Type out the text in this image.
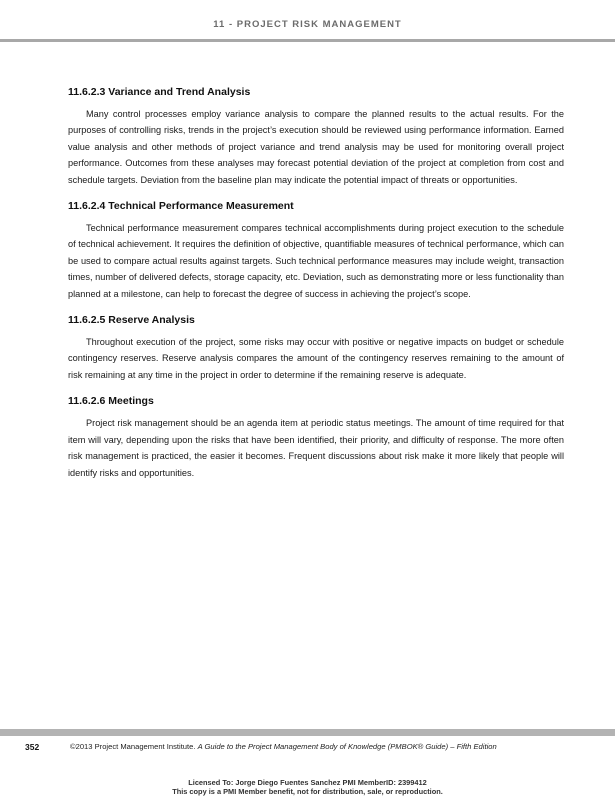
11 - PROJECT RISK MANAGEMENT
11.6.2.3 Variance and Trend Analysis

Many control processes employ variance analysis to compare the planned results to the actual results. For the purposes of controlling risks, trends in the project’s execution should be reviewed using performance information. Earned value analysis and other methods of project variance and trend analysis may be used for monitoring overall project performance. Outcomes from these analyses may forecast potential deviation of the project at completion from cost and schedule targets. Deviation from the baseline plan may indicate the potential impact of threats or opportunities.

11.6.2.4 Technical Performance Measurement

Technical performance measurement compares technical accomplishments during project execution to the schedule of technical achievement. It requires the definition of objective, quantifiable measures of technical performance, which can be used to compare actual results against targets. Such technical performance measures may include weight, transaction times, number of delivered defects, storage capacity, etc. Deviation, such as demonstrating more or less functionality than planned at a milestone, can help to forecast the degree of success in achieving the project’s scope.

11.6.2.5 Reserve Analysis

Throughout execution of the project, some risks may occur with positive or negative impacts on budget or schedule contingency reserves. Reserve analysis compares the amount of the contingency reserves remaining to the amount of risk remaining at any time in the project in order to determine if the remaining reserve is adequate.

11.6.2.6 Meetings

Project risk management should be an agenda item at periodic status meetings. The amount of time required for that item will vary, depending upon the risks that have been identified, their priority, and difficulty of response. The more often risk management is practiced, the easier it becomes. Frequent discussions about risk make it more likely that people will identify risks and opportunities.

352	©2013 Project Management Institute. A Guide to the Project Management Body of Knowledge (PMBOK® Guide) – Fifth Edition
Licensed To: Jorge Diego Fuentes Sanchez PMI MemberID: 2399412
This copy is a PMI Member benefit, not for distribution, sale, or reproduction.
